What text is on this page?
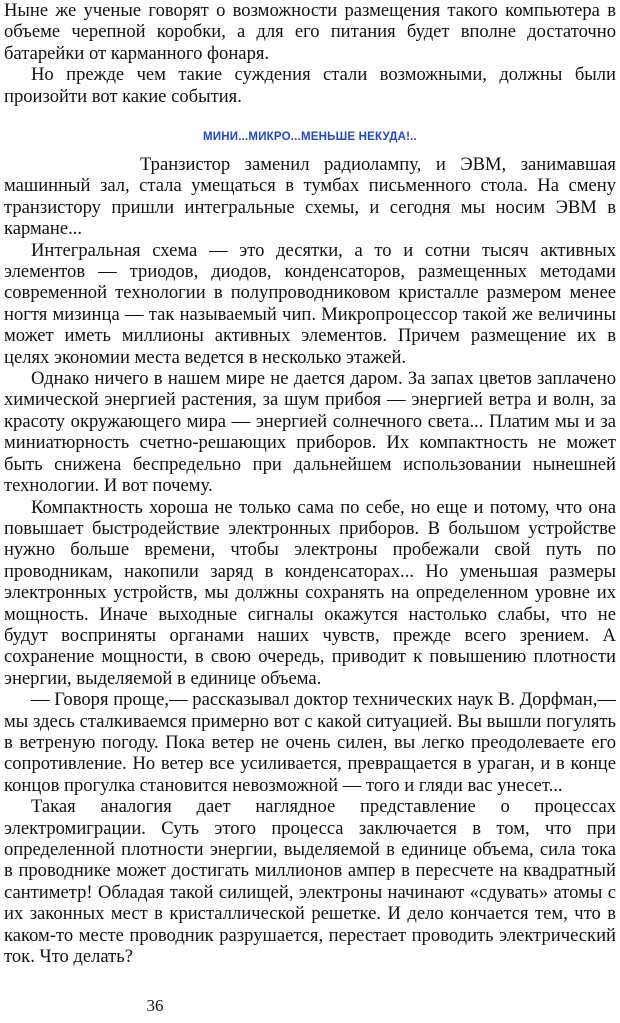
Ныне же ученые говорят о возможности размещения такого компьютера в объеме черепной коробки, а для его питания будет вполне достаточно батарейки от карманного фонаря.

Но прежде чем такие суждения стали возможными, должны были произойти вот какие события.

МИНИ...МИКРО...МЕНЬШЕ НЕКУДА!..

Транзистор заменил радиолампу, и ЭВМ, занимавшая машинный зал, стала умещаться в тумбах письменного стола. На смену транзистору пришли интегральные схемы, и сегодня мы носим ЭВМ в кармане...

Интегральная схема — это десятки, а то и сотни тысяч активных элементов — триодов, диодов, конденсаторов, размещенных методами современной технологии в полупроводниковом кристалле размером менее ногтя мизинца — так называемый чип. Микропроцессор такой же величины может иметь миллионы активных элементов. Причем размещение их в целях экономии места ведется в несколько этажей.

Однако ничего в нашем мире не дается даром. За запах цветов заплачено химической энергией растения, за шум прибоя — энергией ветра и волн, за красоту окружающего мира — энергией солнечного света... Платим мы и за миниатюрность счетно-решающих приборов. Их компактность не может быть снижена беспредельно при дальнейшем использовании нынешней технологии. И вот почему.

Компактность хороша не только сама по себе, но еще и потому, что она повышает быстродействие электронных приборов. В большом устройстве нужно больше времени, чтобы электроны пробежали свой путь по проводникам, накопили заряд в конденсаторах... Но уменьшая размеры электронных устройств, мы должны сохранять на определенном уровне их мощность. Иначе выходные сигналы окажутся настолько слабы, что не будут восприняты органами наших чувств, прежде всего зрением. А сохранение мощности, в свою очередь, приводит к повышению плотности энергии, выделяемой в единице объема.

— Говоря проще,— рассказывал доктор технических наук В. Дорфман,— мы здесь сталкиваемся примерно вот с какой ситуацией. Вы вышли погулять в ветреную погоду. Пока ветер не очень силен, вы легко преодолеваете его сопротивление. Но ветер все усиливается, превращается в ураган, и в конце концов прогулка становится невозможной — того и гляди вас унесет...

Такая аналогия дает наглядное представление о процессах электромиграции. Суть этого процесса заключается в том, что при определенной плотности энергии, выделяемой в единице объема, сила тока в проводнике может достигать миллионов ампер в пересчете на квадратный сантиметр! Обладая такой силищей, электроны начинают «сдувать» атомы с их законных мест в кристаллической решетке. И дело кончается тем, что в каком-то месте проводник разрушается, перестает проводить электрический ток. Что делать?

36
